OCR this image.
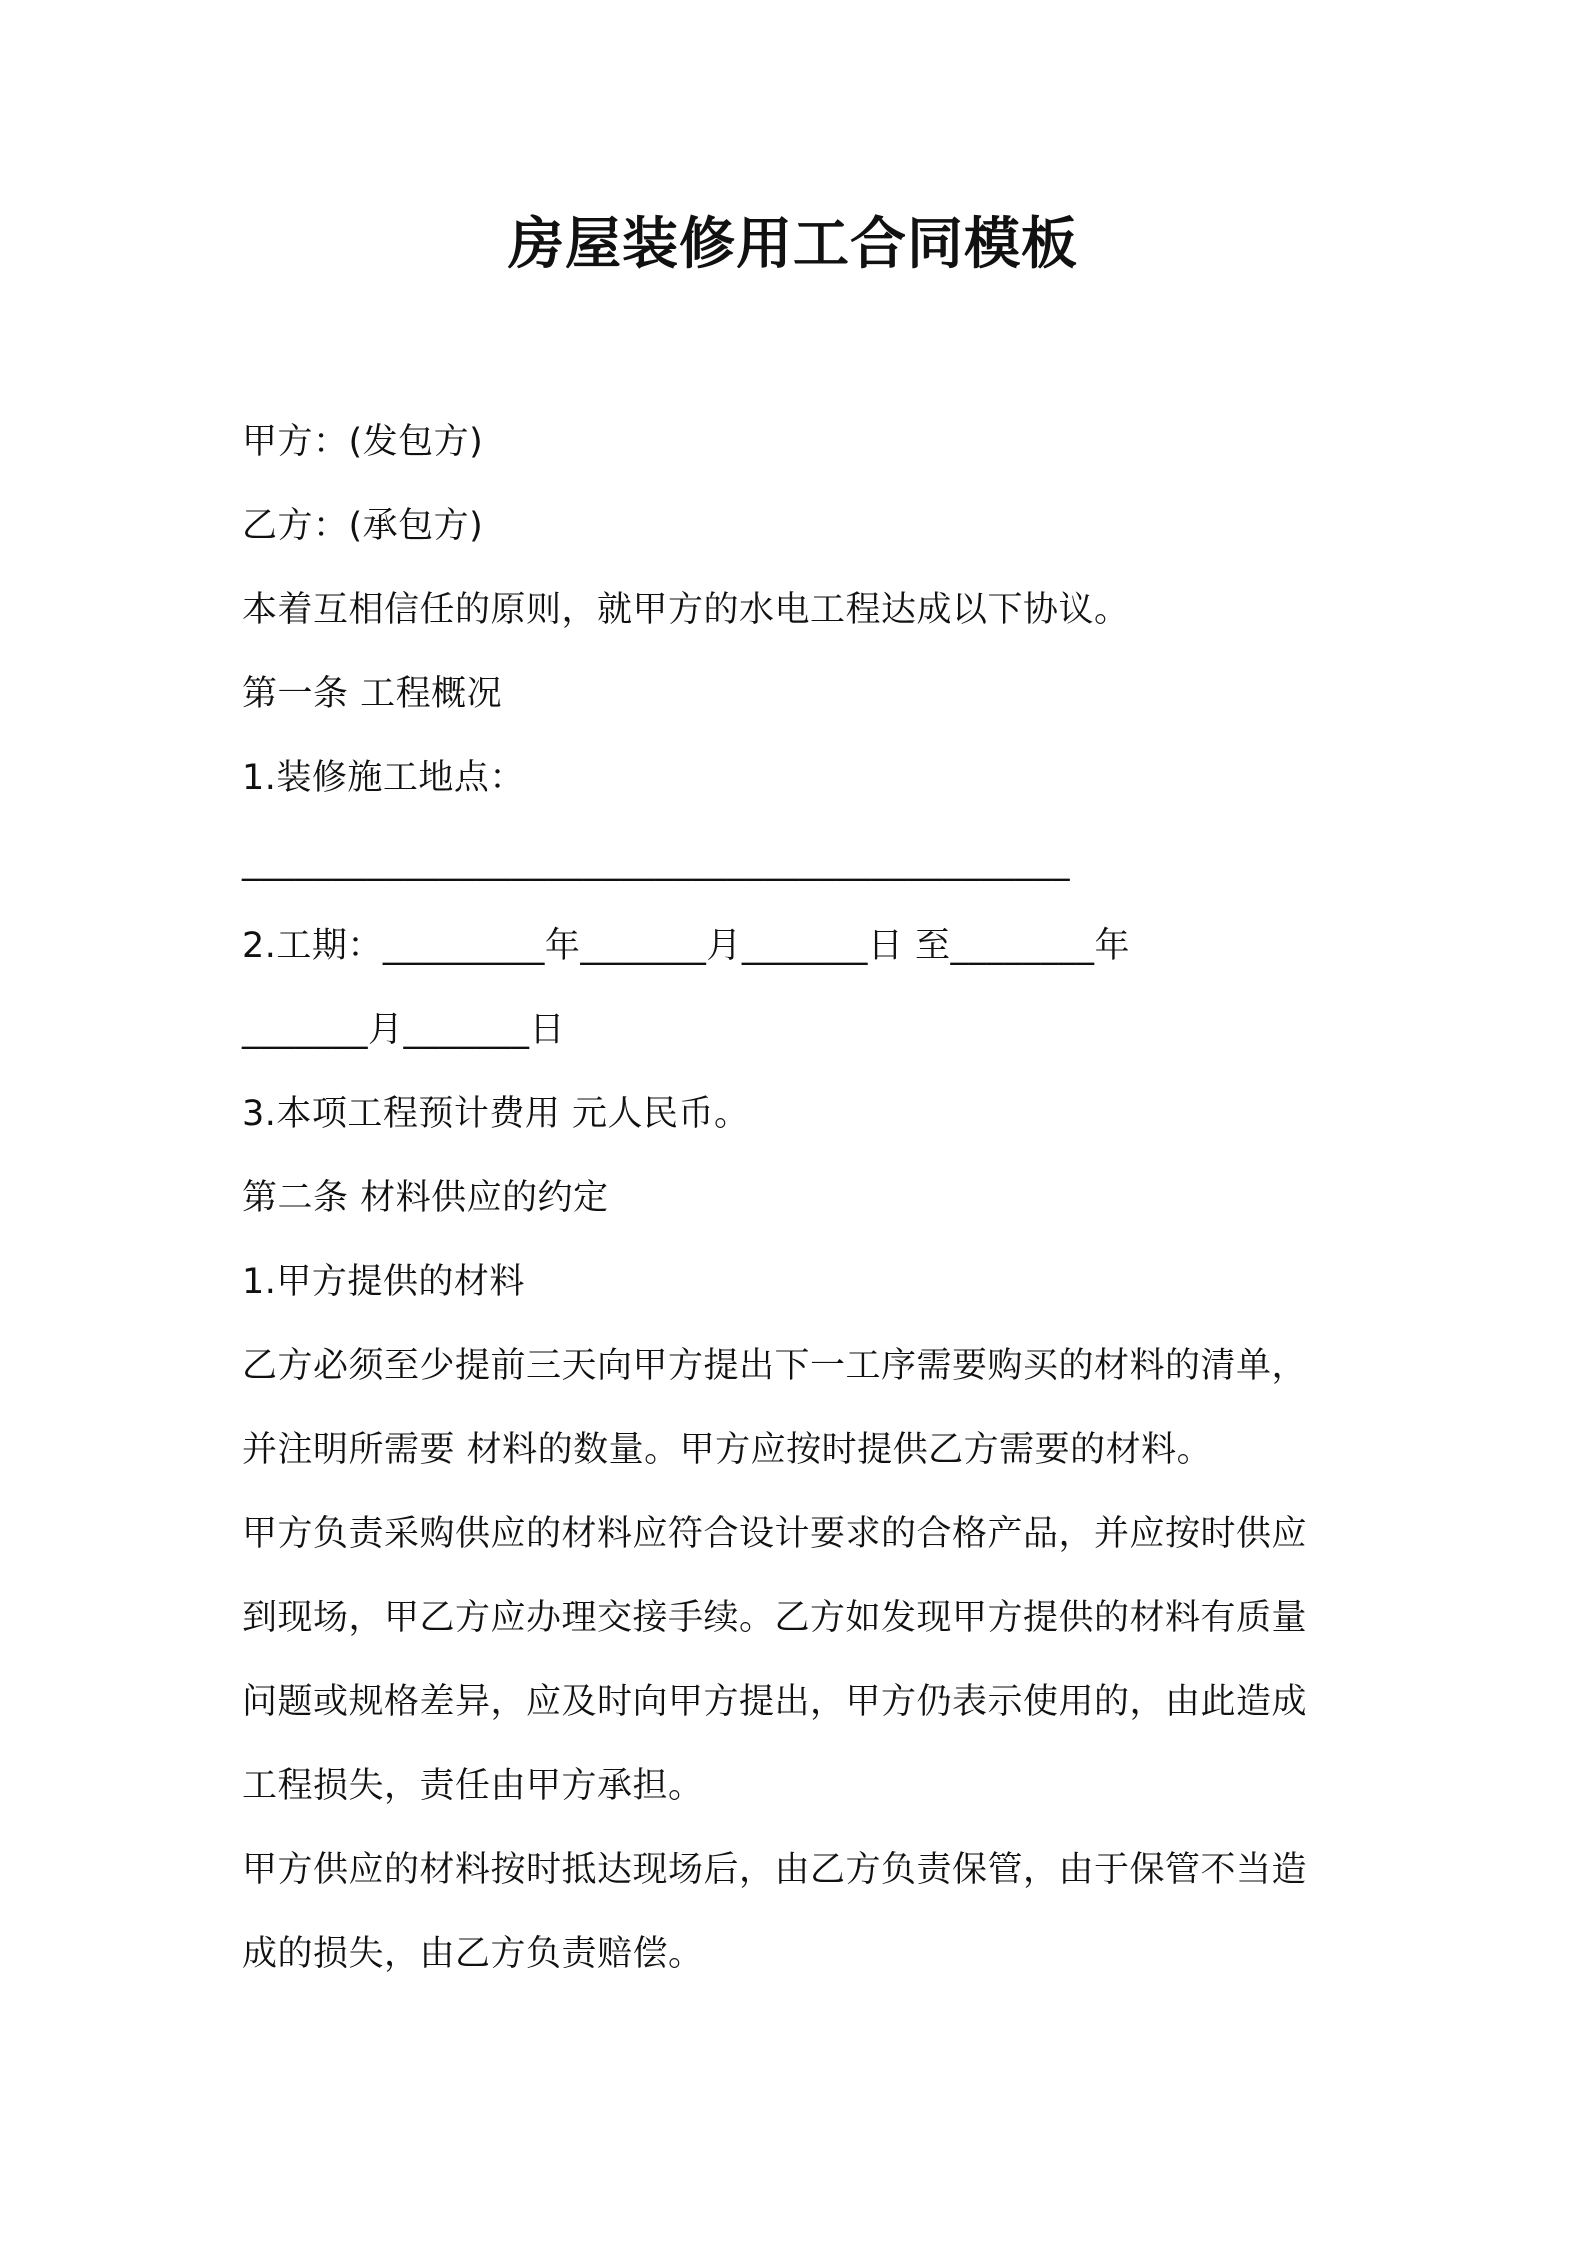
房屋装修用工合同模板
甲方：(发包方)
乙方：(承包方)
本着互相信任的原则，就甲方的水电工程达成以下协议。
第一条 工程概况
1.装修施工地点：
______________________________________________
2.工期：_________年_______月_______日 至________年
_______月_______日
3.本项工程预计费用 元人民币。
第二条 材料供应的约定
1.甲方提供的材料
乙方必须至少提前三天向甲方提出下一工序需要购买的材料的清单，
并注明所需要 材料的数量。甲方应按时提供乙方需要的材料。
甲方负责采购供应的材料应符合设计要求的合格产品，并应按时供应
到现场，甲乙方应办理交接手续。乙方如发现甲方提供的材料有质量
问题或规格差异，应及时向甲方提出，甲方仍表示使用的，由此造成
工程损失，责任由甲方承担。
甲方供应的材料按时抵达现场后，由乙方负责保管，由于保管不当造
成的损失，由乙方负责赔偿。
